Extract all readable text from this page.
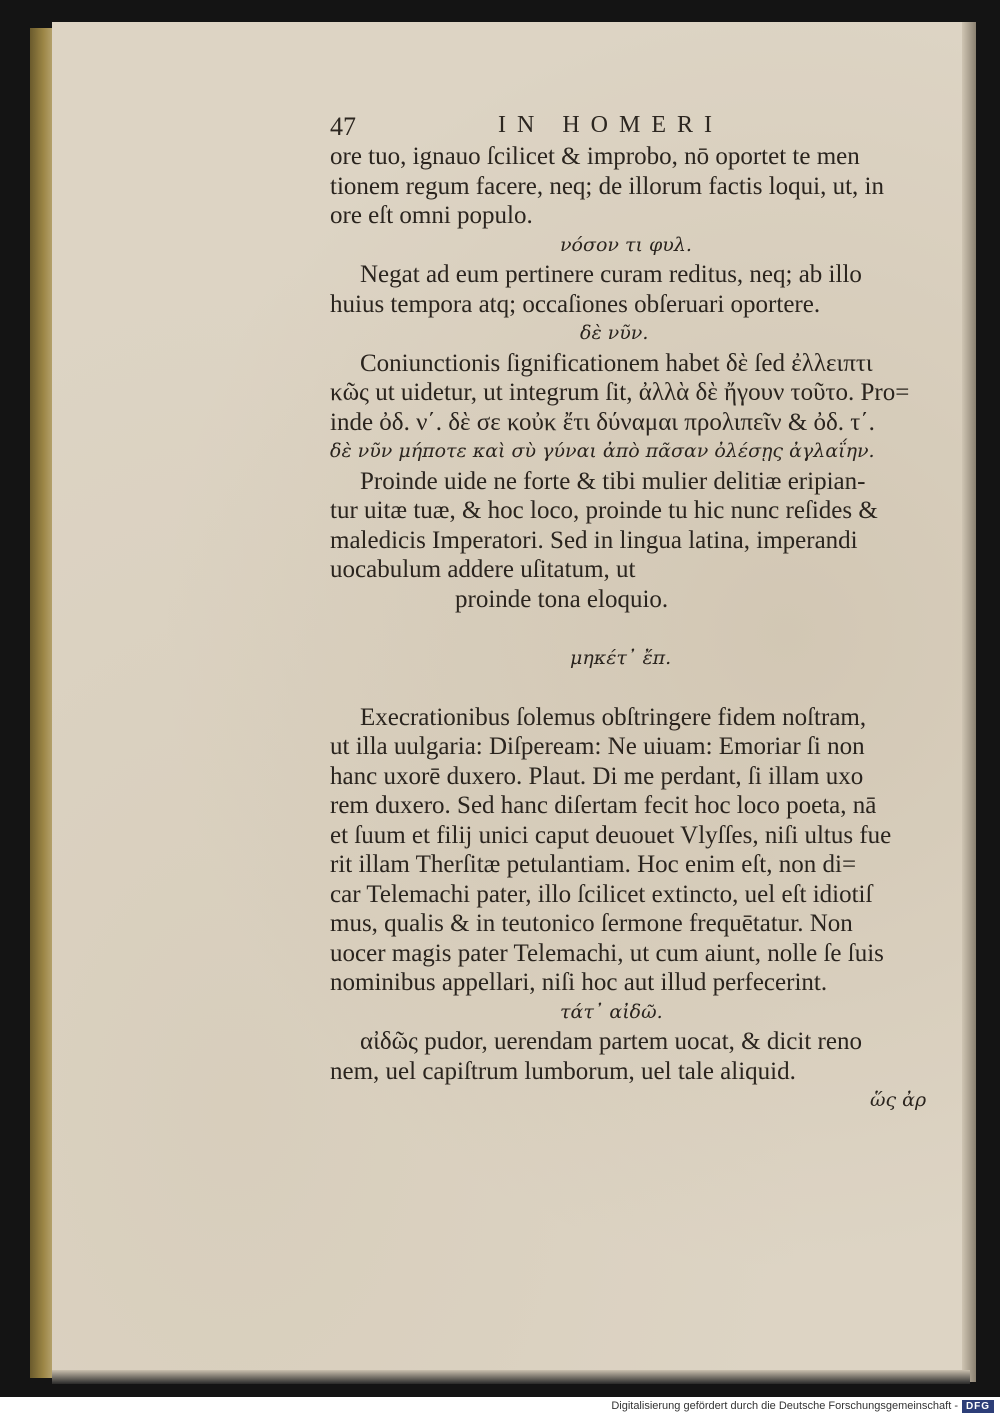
47	IN HOMERI
ore tuo, ignauo ſcilicet & improbo, nō oportet te men
tionem regum facere, neq; de illorum factis loqui, ut, in
ore eſt omni populo.
νόσον τι φυλ.
Negat ad eum pertinere curam reditus, neq; ab illo
huius tempora atq; occaſiones obſeruari oportere.
δὲ νῦν.
Coniunctionis ſignificationem habet δὲ ſed ἐλλειπτι
κῶς ut uidetur, ut integrum ſit, ἀλλὰ δὲ ἤγουν τοῦτο. Pro=
inde ὀδ. ν΄. δὲ σε κοὐκ ἔτι δύναμαι προλιπεῖν & ὀδ. τ΄.
δὲ νῦν μήποτε καὶ σὺ γύναι ἀπὸ πᾶσαν ὀλέσῃς ἀγλαΐην.
Proinde uide ne forte & tibi mulier delitiæ eripian-
tur uitæ tuæ, & hoc loco, proinde tu hic nunc reſides &
maledicis Imperatori. Sed in lingua latina, imperandi
uocabulum addere uſitatum, ut
proinde tona eloquio.
μηκέτ᾽ ἔπ.
Execrationibus ſolemus obſtringere fidem noſtram,
ut illa uulgaria: Diſperеam: Ne uiuam: Emoriar ſi non
hanc uxorē duxero. Plaut. Di me perdant, ſi illam uxo
rem duxero. Sed hanc diſertam fecit hoc loco poeta, nā
et ſuum et filij unici caput deuouet Vlyſſes, niſi ultus fue
rit illam Therſitæ petulantiam. Hoc enim eſt, non di=
car Telemachi pater, illo ſcilicet extincto, uel eſt idiotiſ
mus, qualis & in teutonico ſermone frequētatur. Non
uocer magis pater Telemachi, ut cum aiunt, nolle ſe ſuis
nominibus appellari, niſi hoc aut illud perfecerint.
τάτ᾽ αἰδῶ.
αἰδῶς pudor, uerendam partem uocat, & dicit reno
nem, uel capiſtrum lumborum, uel tale aliquid.
ὥς ἀρ
Digitalisierung gefördert durch die Deutsche Forschungsgemeinschaft - DFG
